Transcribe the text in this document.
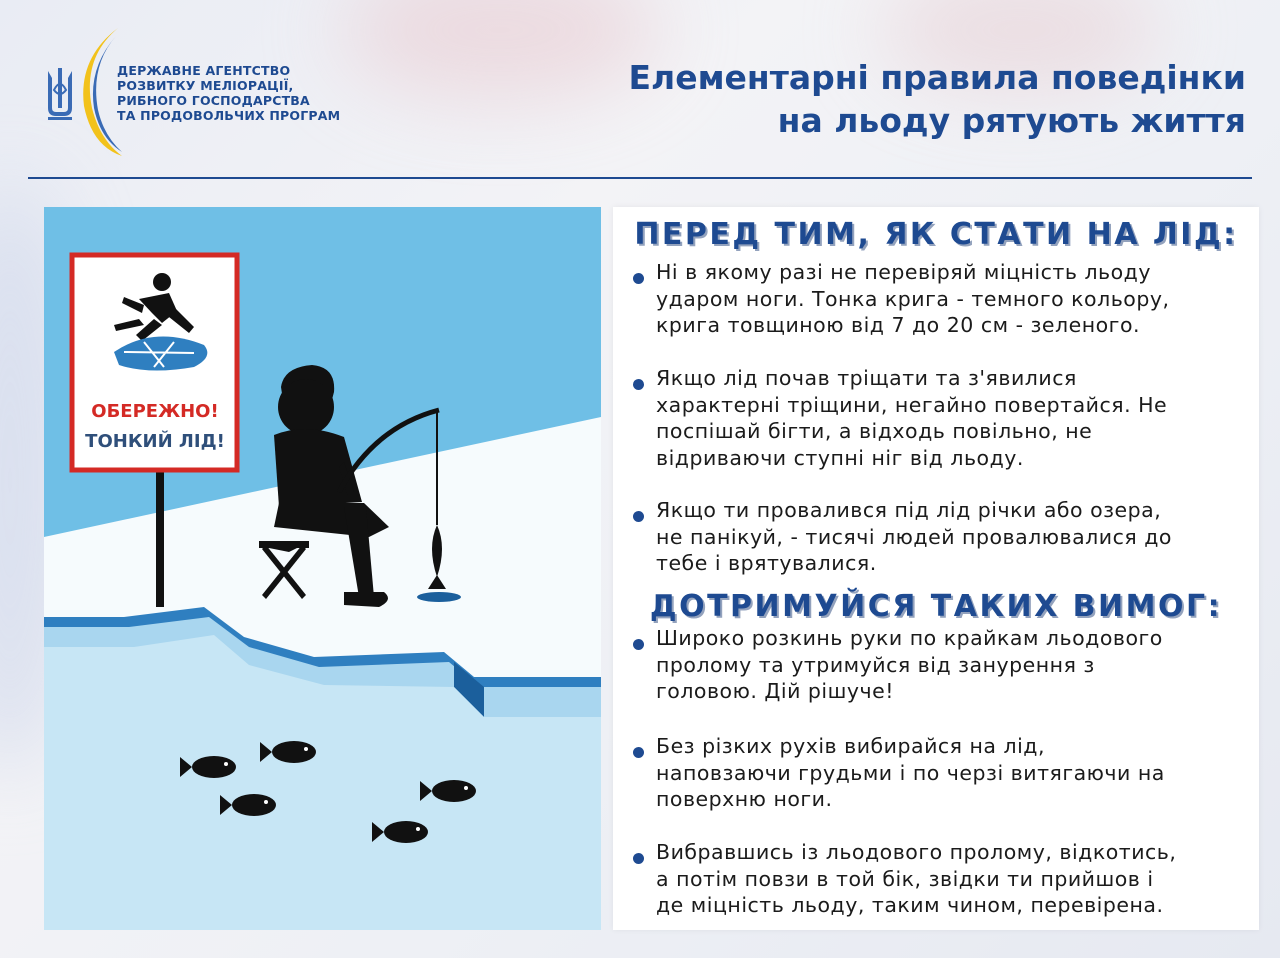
ДЕРЖАВНЕ АГЕНТСТВО
РОЗВИТКУ МЕЛІОРАЦІЇ,
РИБНОГО ГОСПОДАРСТВА
ТА ПРОДОВОЛЬЧИХ ПРОГРАМ
Елементарні правила поведінки
на льоду рятують життя
ОБЕРЕЖНО!
ТОНКИЙ ЛІД!
ПЕРЕД ТИМ, ЯК СТАТИ НА ЛІД:
Ні в якому разі не перевіряй міцність льоду
ударом ноги. Тонка крига - темного кольору,
крига товщиною від 7 до 20 см - зеленого.
Якщо лід почав тріщати та з'явилися
характерні тріщини, негайно повертайся. Не
поспішай бігти, а відходь повільно, не
відриваючи ступні ніг від льоду.
Якщо ти провалився під лід річки або озера,
не панікуй, - тисячі людей провалювалися до
тебе і врятувалися.
ДОТРИМУЙСЯ ТАКИХ ВИМОГ:
Широко розкинь руки по крайкам льодового
пролому та утримуйся від занурення з
головою. Дій рішуче!
Без різких рухів вибирайся на лід,
наповзаючи грудьми і по черзі витягаючи на
поверхню ноги.
Вибравшись із льодового пролому, відкотись,
а потім повзи в той бік, звідки ти прийшов і
де міцність льоду, таким чином, перевірена.
